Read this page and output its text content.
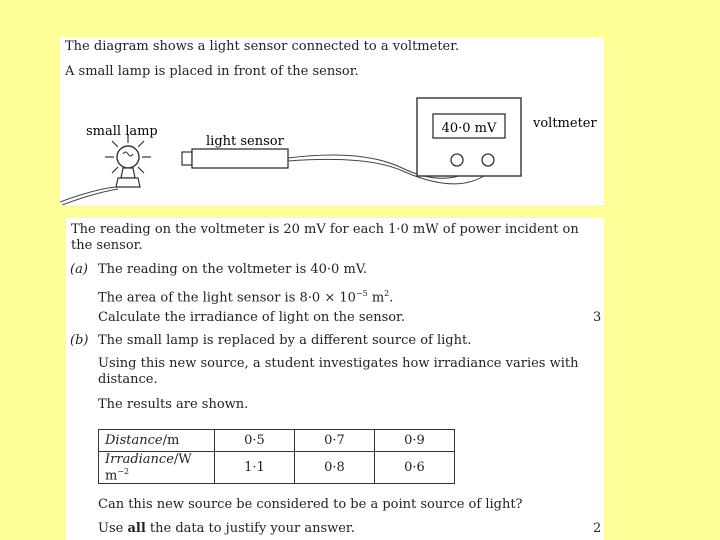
The diagram shows a light sensor connected to a voltmeter.
A small lamp is placed in front of the sensor.
40·0 mV
small lamp
light sensor
voltmeter
The reading on the voltmeter is 20 mV for each 1·0 mW of power incident on
the sensor.
(a) The reading on the voltmeter is 40·0 mV.
The area of the light sensor is $8\cdot 0 \times 10^{-5}$ $m^2$.
Calculate the irradiance of light on the sensor.	3
(b) The small lamp is replaced by a different source of light.
Using this new source, a student investigates how irradiance varies with
distance.
The results are shown.
Distance/m	0·5	0·7	0·9
Irradiance/W $m^{-2}$	1·1	0·8	0·6
Can this new source be considered to be a point source of light?
Use all the data to justify your answer.	2
